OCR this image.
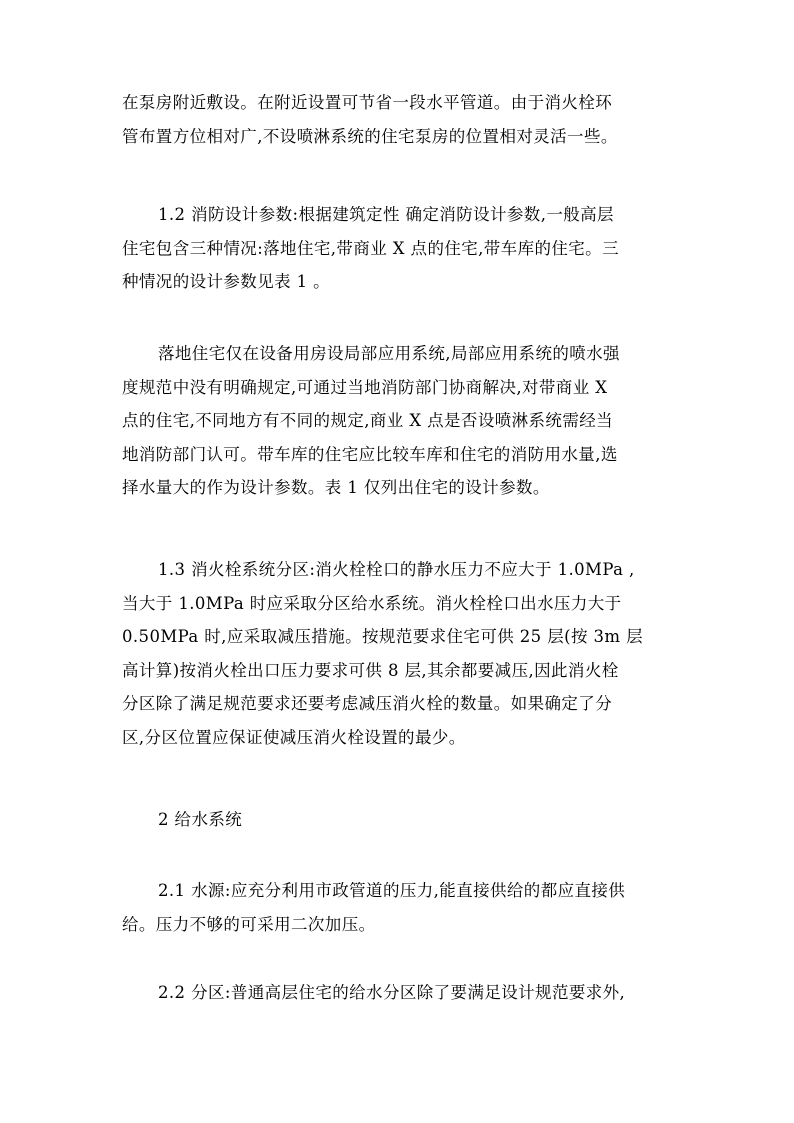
在泵房附近敷设。在附近设置可节省一段水平管道。由于消火栓环
管布置方位相对广,不设喷淋系统的住宅泵房的位置相对灵活一些。
1.2 消防设计参数:根据建筑定性 确定消防设计参数,一般高层
住宅包含三种情况:落地住宅,带商业 X 点的住宅,带车库的住宅。三
种情况的设计参数见表 1 。
落地住宅仅在设备用房设局部应用系统,局部应用系统的喷水强
度规范中没有明确规定,可通过当地消防部门协商解决,对带商业 X
点的住宅,不同地方有不同的规定,商业 X 点是否设喷淋系统需经当
地消防部门认可。带车库的住宅应比较车库和住宅的消防用水量,选
择水量大的作为设计参数。表 1 仅列出住宅的设计参数。
1.3 消火栓系统分区:消火栓栓口的静水压力不应大于 1.0MPa ,
当大于 1.0MPa 时应采取分区给水系统。消火栓栓口出水压力大于
0.50MPa 时,应采取减压措施。按规范要求住宅可供 25 层(按 3m 层
高计算)按消火栓出口压力要求可供 8 层,其余都要减压,因此消火栓
分区除了满足规范要求还要考虑减压消火栓的数量。如果确定了分
区,分区位置应保证使减压消火栓设置的最少。
2 给水系统
2.1 水源:应充分利用市政管道的压力,能直接供给的都应直接供
给。压力不够的可采用二次加压。
2.2 分区:普通高层住宅的给水分区除了要满足设计规范要求外,
